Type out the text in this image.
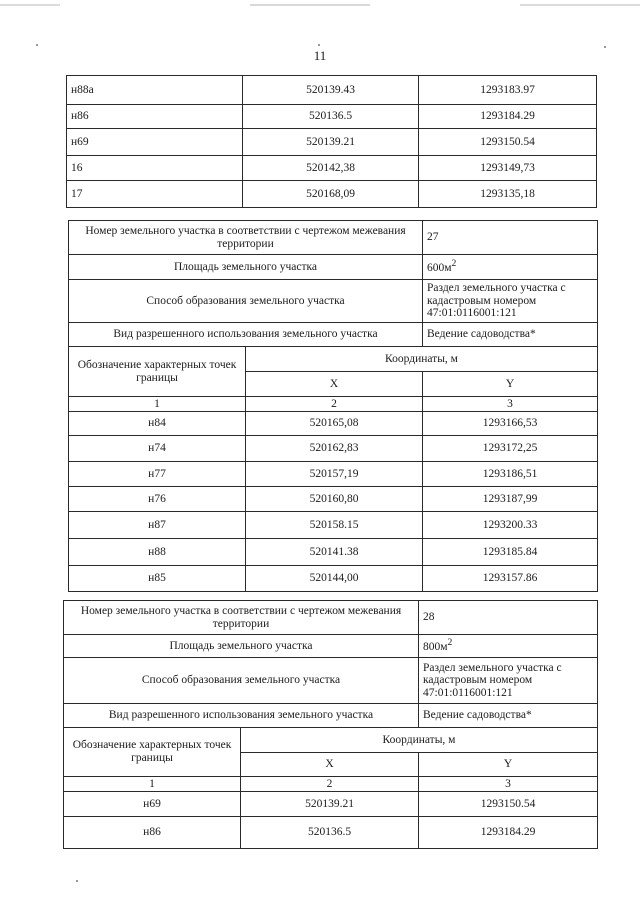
11
н88а	520139.43	1293183.97
н86	520136.5	1293184.29
н69	520139.21	1293150.54
16	520142,38	1293149,73
17	520168,09	1293135,18
Номер земельного участка в соответствии с чертежом межевания территории		27
Площадь земельного участка		$600м^2$
Способ образования земельного участка		Раздел земельного участка с кадастровым номером 47:01:0116001:121
Вид разрешенного использования земельного участка		Ведение садоводства*
Обозначение характерных точек границы	Координаты, м	
	X	Y
1	2	3
н84	520165,08	1293166,53
н74	520162,83	1293172,25
н77	520157,19	1293186,51
н76	520160,80	1293187,99
н87	520158.15	1293200.33
н88	520141.38	1293185.84
н85	520144,00	1293157.86
Номер земельного участка в соответствии с чертежом межевания территории		28
Площадь земельного участка		$800м^2$
Способ образования земельного участка		Раздел земельного участка с кадастровым номером 47:01:0116001:121
Вид разрешенного использования земельного участка		Ведение садоводства*
Обозначение характерных точек границы	Координаты, м	
	X	Y
1	2	3
н69	520139.21	1293150.54
н86	520136.5	1293184.29
